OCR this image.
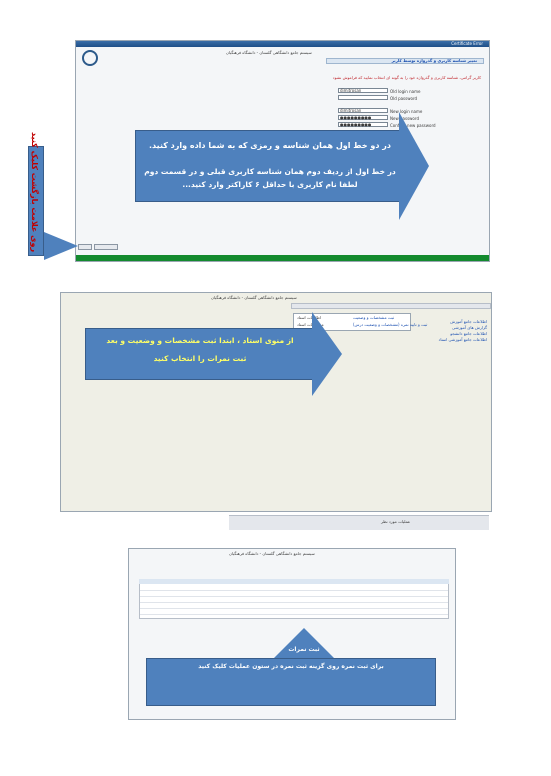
Certificate Error
سیستم جامع دانشگاهی گلستان - دانشگاه فرهنگیان
تغییر شناسه کاربری و گذرواژه توسط کاربر
کاربر گرامی، شناسه کاربری و گذرواژه خود را به گونه ای انتخاب نمایید که فراموش نشود
Old login name
dimitrosan
Old password
New login name
dimitrosan
New password
●●●●●●●●●
Confirm new password
●●●●●●●●●
در دو خط اول همان شناسه و رمزی که به شما داده وارد کنید.
در خط اول از ردیف دوم همان شناسه کاربری قبلی و در قسمت دوم لطفا نام کاربری با حداقل ۶ کاراکتر وارد کنید...
روی علامت بازگشت کلیک کنید
سیستم جامع دانشگاهی گلستان - دانشگاه فرهنگیان
اطلاعات جامع آموزش
گزارش های آموزشی
اطلاعات جامع دانشجو
اطلاعات جامع آموزشی استاد
ثبت مشخصات و وضعیت
ثبت و تایید نمره (مشخصات و وضعیت درس)
اطلاعات استاد
مشخصات استاد
عملیات مورد نظر
از منوی استاد ، ابتدا ثبت مشخصات و وضعیت و بعد
ثبت نمرات را انتخاب کنید
سیستم جامع دانشگاهی گلستان - دانشگاه فرهنگیان
ثبت نمرات
برای ثبت نمره روی گزینه ثبت نمره در ستون عملیات کلیک کنید
